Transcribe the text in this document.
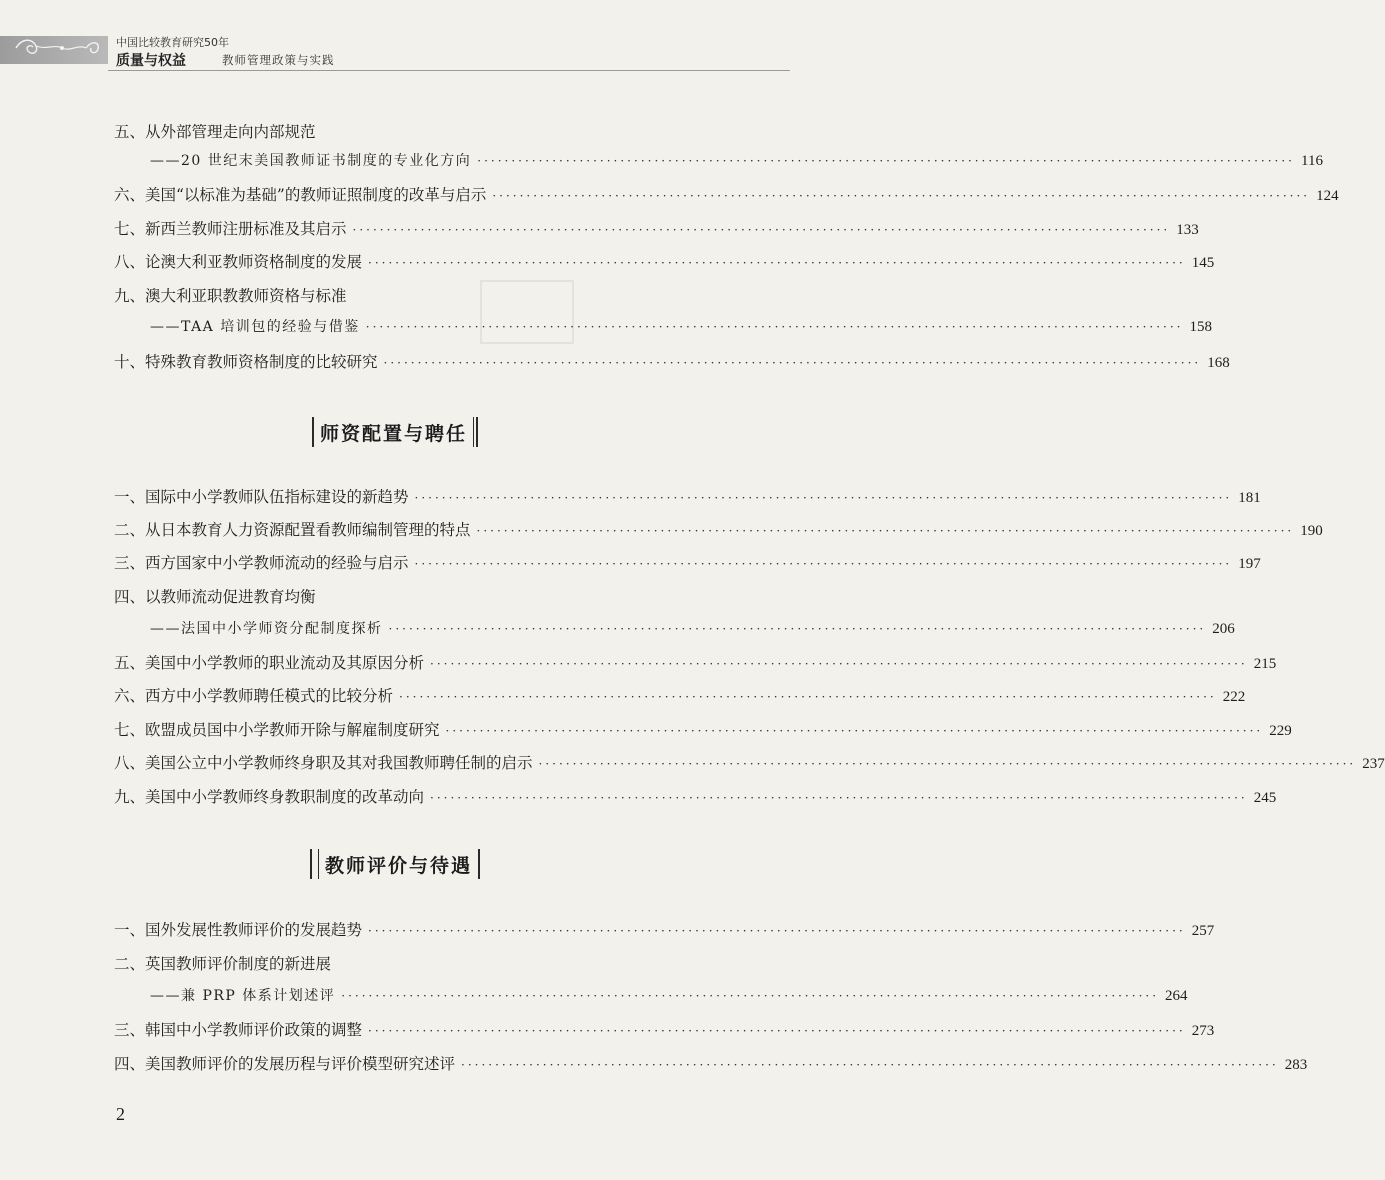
中国比较教育研究50年
质量与权益	教师管理政策与实践
五、从外部管理走向内部规范
——20 世纪末美国教师证书制度的专业化方向 ························································································································ 116
六、美国“以标准为基础”的教师证照制度的改革与启示 ························································································································ 124
七、新西兰教师注册标准及其启示 ························································································································ 133
八、论澳大利亚教师资格制度的发展 ························································································································ 145
九、澳大利亚职教教师资格与标准
——TAA 培训包的经验与借鉴 ························································································································ 158
十、特殊教育教师资格制度的比较研究 ························································································································ 168
师资配置与聘任
一、国际中小学教师队伍指标建设的新趋势 ························································································································ 181
二、从日本教育人力资源配置看教师编制管理的特点 ························································································································ 190
三、西方国家中小学教师流动的经验与启示 ························································································································ 197
四、以教师流动促进教育均衡
——法国中小学师资分配制度探析 ························································································································ 206
五、美国中小学教师的职业流动及其原因分析 ························································································································ 215
六、西方中小学教师聘任模式的比较分析 ························································································································ 222
七、欧盟成员国中小学教师开除与解雇制度研究 ························································································································ 229
八、美国公立中小学教师终身职及其对我国教师聘任制的启示 ························································································································ 237
九、美国中小学教师终身教职制度的改革动向 ························································································································ 245
教师评价与待遇
一、国外发展性教师评价的发展趋势 ························································································································ 257
二、英国教师评价制度的新进展
——兼 PRP 体系计划述评 ························································································································ 264
三、韩国中小学教师评价政策的调整 ························································································································ 273
四、美国教师评价的发展历程与评价模型研究述评 ························································································································ 283
2
